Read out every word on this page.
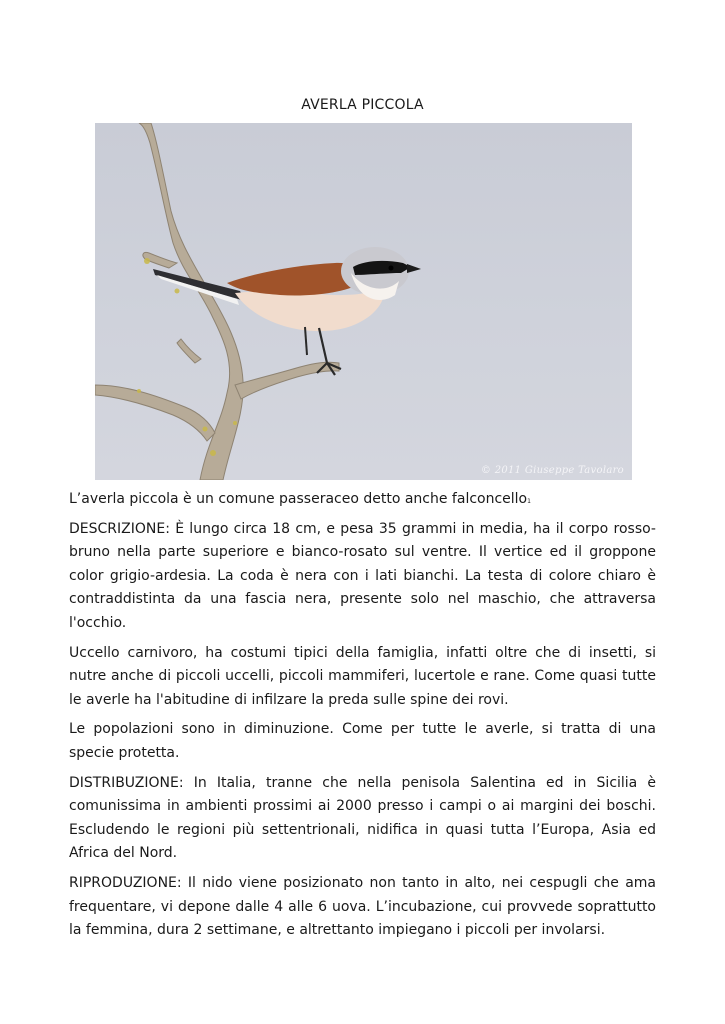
AVERLA PICCOLA
© 2011 Giuseppe Tavolaro

L’averla piccola è un comune passeraceo detto anche falconcello1

DESCRIZIONE: È lungo circa 18 cm, e pesa 35 grammi in media, ha il corpo rosso-bruno nella parte superiore e bianco-rosato sul ventre. Il vertice ed il groppone color grigio-ardesia. La coda è nera con i lati bianchi. La testa di colore chiaro è contraddistinta da una fascia nera, presente solo nel maschio, che attraversa l'occhio.

Uccello carnivoro, ha costumi tipici della famiglia, infatti oltre che di insetti, si nutre anche di piccoli uccelli, piccoli mammiferi, lucertole e rane. Come quasi tutte le averle ha l'abitudine di infilzare la preda sulle spine dei rovi.

Le popolazioni sono in diminuzione. Come per tutte le averle, si tratta di una specie protetta.

DISTRIBUZIONE: In Italia, tranne che nella penisola Salentina ed in Sicilia è comunissima in ambienti prossimi ai 2000 presso i campi o ai margini dei boschi. Escludendo le regioni più settentrionali, nidifica in quasi tutta l’Europa, Asia ed Africa del Nord.

RIPRODUZIONE: Il nido viene posizionato non tanto in alto, nei cespugli che ama frequentare, vi depone dalle 4 alle 6 uova. L’incubazione, cui provvede soprattutto la femmina, dura 2 settimane, e altrettanto impiegano i piccoli per involarsi.
